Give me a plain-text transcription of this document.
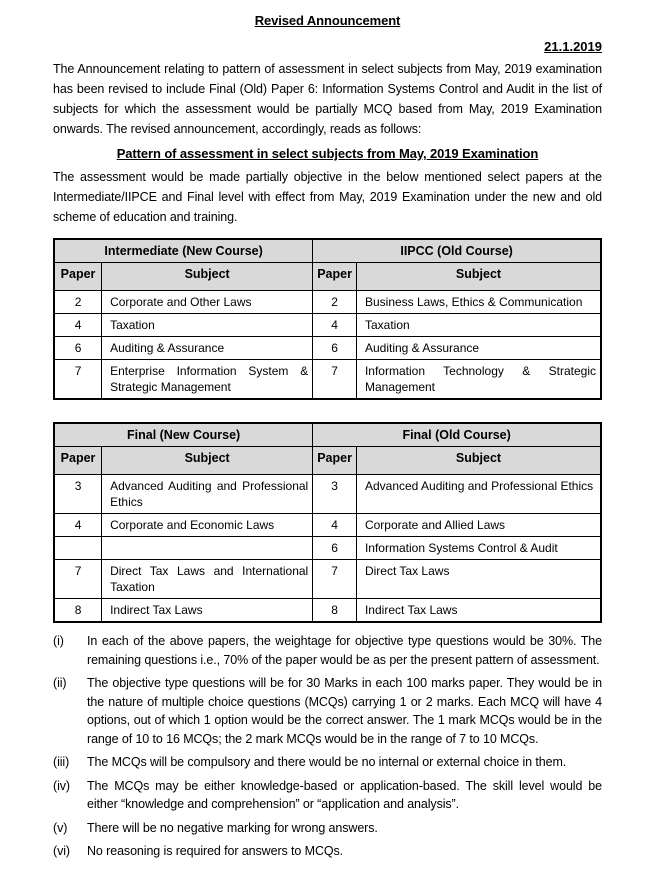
Revised Announcement
21.1.2019
The Announcement relating to pattern of assessment in select subjects from May, 2019 examination has been revised to include Final (Old) Paper 6: Information Systems Control and Audit in the list of subjects for which the assessment would be partially MCQ based from May, 2019 Examination onwards. The revised announcement, accordingly, reads as follows:
Pattern of assessment in select subjects from May, 2019 Examination
The assessment would be made partially objective in the below mentioned select papers at the Intermediate/IIPCE and Final level with effect from May, 2019 Examination under the new and old scheme of education and training.
Intermediate (New Course)		IIPCC (Old Course)	
Paper	Subject	Paper	Subject
2	Corporate and Other Laws	2	Business Laws, Ethics & Communication
4	Taxation	4	Taxation
6	Auditing & Assurance	6	Auditing & Assurance
7	Enterprise Information System & Strategic Management	7	Information Technology & Strategic Management
Final (New Course)		Final (Old Course)	
Paper	Subject	Paper	Subject
3	Advanced Auditing and Professional Ethics	3	Advanced Auditing and Professional Ethics
4	Corporate and Economic Laws	4	Corporate and Allied Laws
		6	Information Systems Control & Audit
7	Direct Tax Laws and International Taxation	7	Direct Tax Laws
8	Indirect Tax Laws	8	Indirect Tax Laws
(i)	In each of the above papers, the weightage for objective type questions would be 30%. The remaining questions i.e., 70% of the paper would be as per the present pattern of assessment.
(ii)	The objective type questions will be for 30 Marks in each 100 marks paper. They would be in the nature of multiple choice questions (MCQs) carrying 1 or 2 marks. Each MCQ will have 4 options, out of which 1 option would be the correct answer. The 1 mark MCQs would be in the range of 10 to 16 MCQs; the 2 mark MCQs would be in the range of 7 to 10 MCQs.
(iii)	The MCQs will be compulsory and there would be no internal or external choice in them.
(iv)	The MCQs may be either knowledge-based or application-based. The skill level would be either “knowledge and comprehension” or “application and analysis”.
(v)	There will be no negative marking for wrong answers.
(vi)	No reasoning is required for answers to MCQs.
